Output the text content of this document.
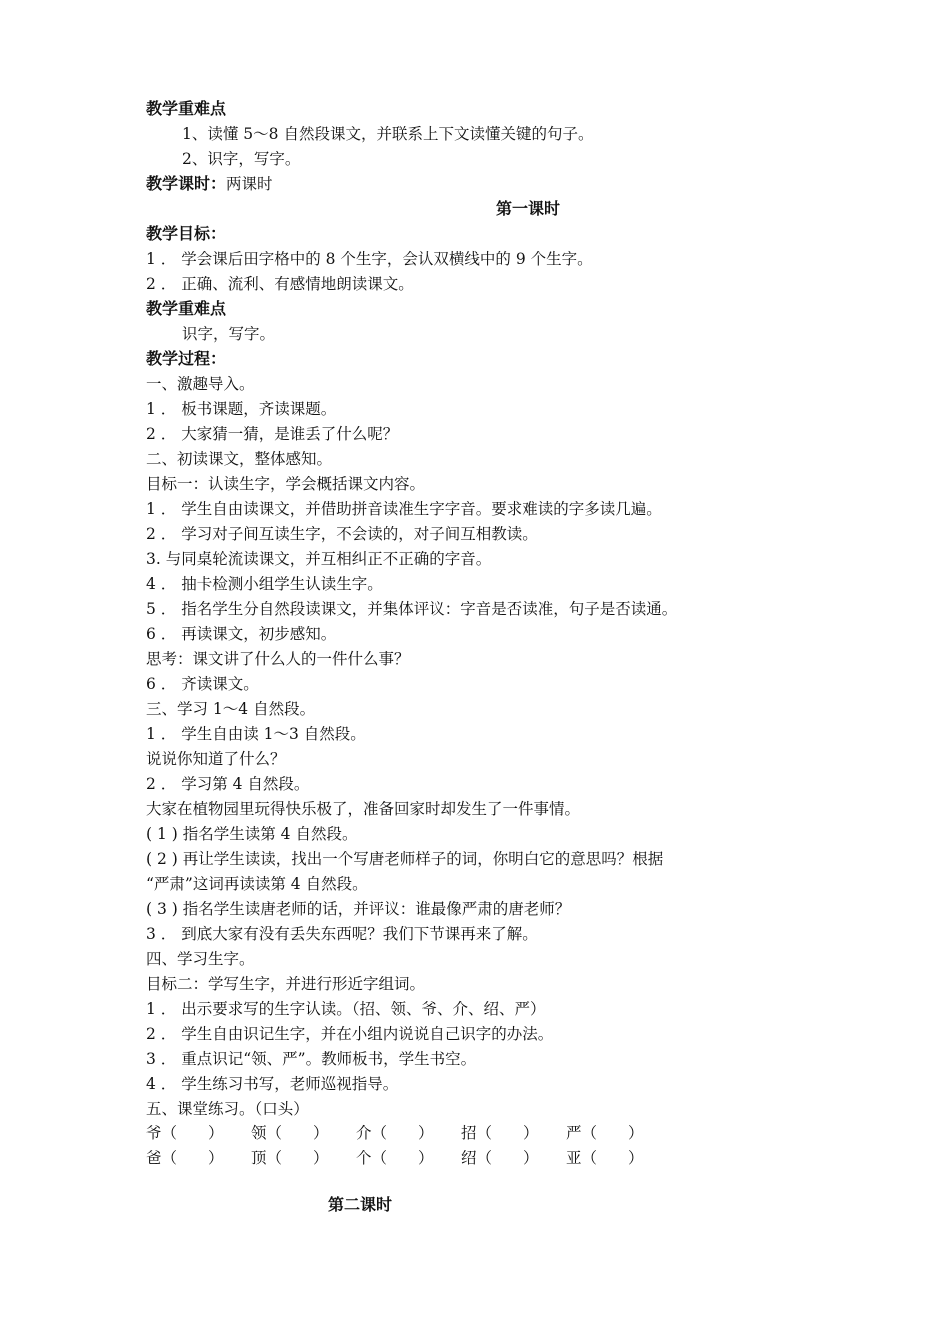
教学重难点
1、读懂 5～8 自然段课文，并联系上下文读懂关键的句子。
2、识字，写字。
教学课时：两课时
第一课时
教学目标：
1 ． 学会课后田字格中的 8 个生字，会认双横线中的 9 个生字。
2 ． 正确、流利、有感情地朗读课文。
教学重难点
识字，写字。
教学过程：
一、激趣导入。
1 ． 板书课题，齐读课题。
2 ． 大家猜一猜，是谁丢了什么呢？
二、初读课文，整体感知。
目标一：认读生字，学会概括课文内容。
1 ． 学生自由读课文，并借助拼音读准生字字音。要求难读的字多读几遍。
2 ． 学习对子间互读生字，不会读的，对子间互相教读。
3. 与同桌轮流读课文，并互相纠正不正确的字音。
4 ． 抽卡检测小组学生认读生字。
5 ． 指名学生分自然段读课文，并集体评议：字音是否读准，句子是否读通。
6 ． 再读课文，初步感知。
思考：课文讲了什么人的一件什么事？
6 ． 齐读课文。
三、学习 1～4 自然段。
1 ． 学生自由读 1～3 自然段。
说说你知道了什么？
2 ． 学习第 4 自然段。
大家在植物园里玩得快乐极了，准备回家时却发生了一件事情。
( 1 ) 指名学生读第 4 自然段。
( 2 ) 再让学生读读，找出一个写唐老师样子的词，你明白它的意思吗？根据
“严肃”这词再读读第 4 自然段。
( 3 ) 指名学生读唐老师的话，并评议：谁最像严肃的唐老师？
3 ． 到底大家有没有丢失东西呢？我们下节课再来了解。
四、学习生字。
目标二：学写生字，并进行形近字组词。
1 ． 出示要求写的生字认读。（招、领、爷、介、绍、严）
2 ． 学生自由识记生字，并在小组内说说自己识字的办法。
3 ． 重点识记“领、严”。教师板书，学生书空。
4 ． 学生练习书写，老师巡视指导。
五、课堂练习。（口头）
爷（　　） 领（　　） 介（　　） 招（　　） 严（　　）
爸（　　） 顶（　　） 个（　　） 绍（　　） 亚（　　）
第二课时
